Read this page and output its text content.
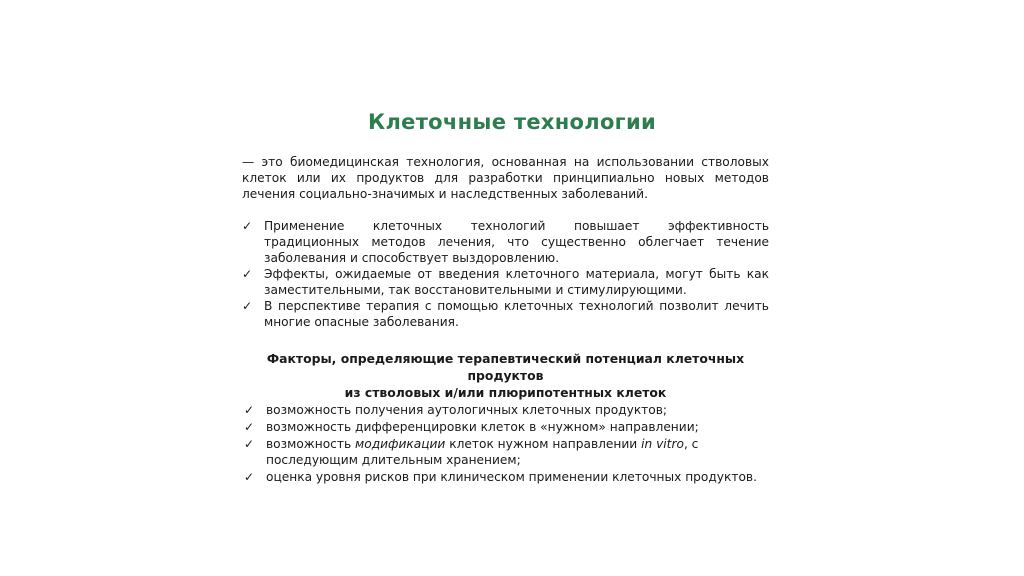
Клеточные технологии
— это биомедицинская технология, основанная на использовании стволовых клеток или их продуктов для разработки принципиально новых методов лечения социально-значимых и наследственных заболеваний.
✓ Применение клеточных технологий повышает эффективность традиционных методов лечения, что существенно облегчает течение заболевания и способствует выздоровлению.
✓ Эффекты, ожидаемые от введения клеточного материала, могут быть как заместительными, так восстановительными и стимулирующими.
✓ В перспективе терапия с помощью клеточных технологий позволит лечить многие опасные заболевания.
Факторы, определяющие терапевтический потенциал клеточных продуктов
из стволовых и/или плюрипотентных клеток
✓ возможность получения аутологичных клеточных продуктов;
✓ возможность дифференцировки клеток в «нужном» направлении;
✓ возможность модификации клеток нужном направлении in vitro, с последующим длительным хранением;
✓ оценка уровня рисков при клиническом применении клеточных продуктов.
